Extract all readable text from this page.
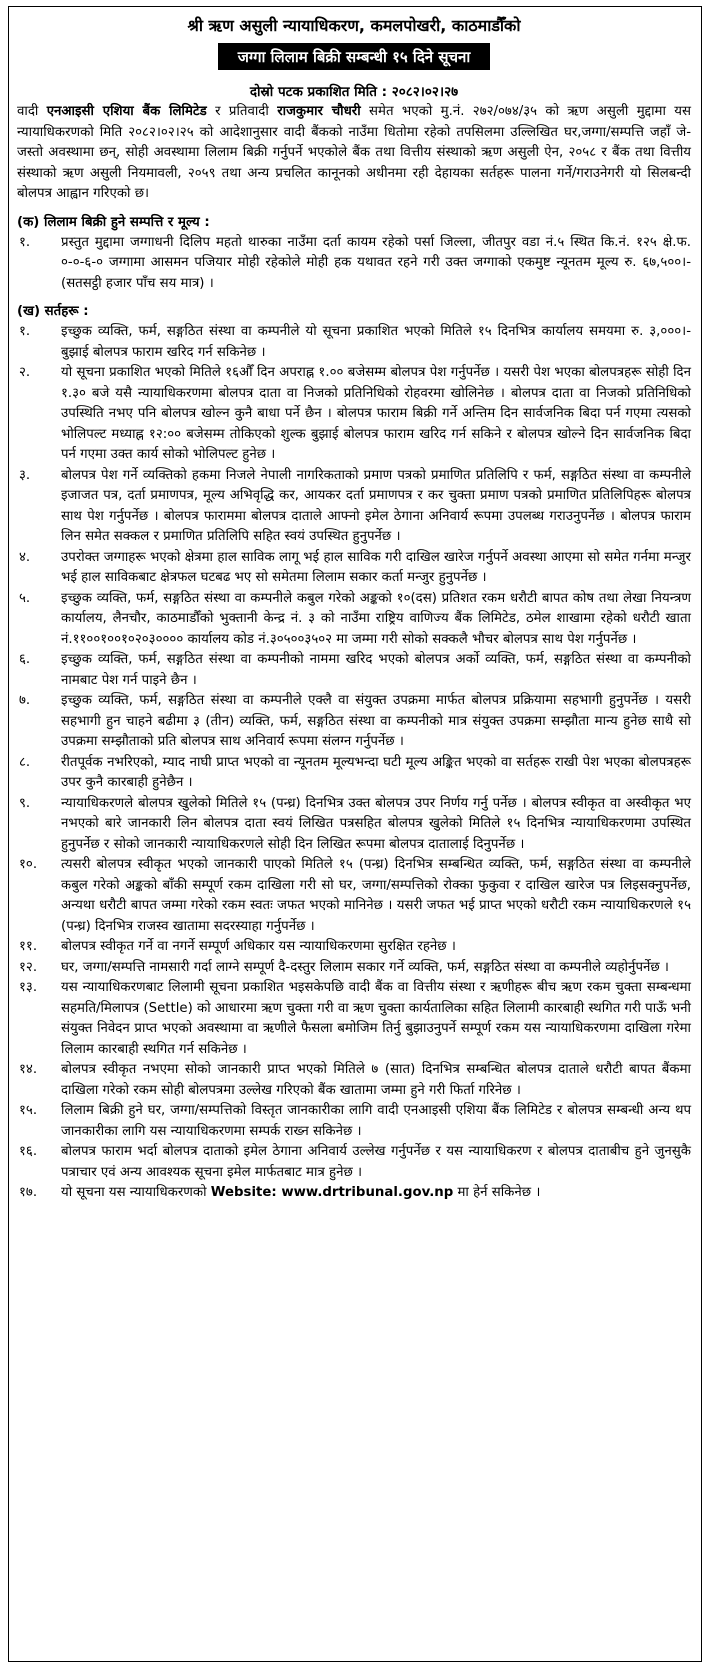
श्री ऋण असुली न्यायाधिकरण, कमलपोखरी, काठमाडौँको
जग्गा लिलाम बिक्री सम्बन्धी १५ दिने सूचना
दोस्रो पटक प्रकाशित मिति : २०८२।०२।२७
वादी एनआइसी एशिया बैंक लिमिटेड र प्रतिवादी राजकुमार चौधरी समेत भएको मु.नं. २७२/०७४/३५ को ऋण असुली मुद्दामा यस न्यायाधिकरणको मिति २०८२।०२।२५ को आदेशानुसार वादी बैंकको नाउँमा धितोमा रहेको तपसिलमा उल्लिखित घर,जग्गा/सम्पत्ति जहाँ जे-जस्तो अवस्थामा छन्, सोही अवस्थामा लिलाम बिक्री गर्नुपर्ने भएकोले बैंक तथा वित्तीय संस्थाको ऋण असुली ऐन, २०५८ र बैंक तथा वित्तीय संस्थाको ऋण असुली नियमावली, २०५९ तथा अन्य प्रचलित कानूनको अधीनमा रही देहायका सर्तहरू पालना गर्ने/गराउनेगरी यो सिलबन्दी बोलपत्र आह्वान गरिएको छ।
(क) लिलाम बिक्री हुने सम्पत्ति र मूल्य :
१.	प्रस्तुत मुद्दामा जग्गाधनी दिलिप महतो थारुका नाउँमा दर्ता कायम रहेको पर्सा जिल्ला, जीतपुर वडा नं.५ स्थित कि.नं. १२५ क्षे.फ. ०-०-६-० जग्गामा आसमन पजियार मोही रहेकोले मोही हक यथावत रहने गरी उक्त जग्गाको एकमुष्ट न्यूनतम मूल्य रु. ६७,५००।- (सतसट्ठी हजार पाँच सय मात्र) ।
(ख) सर्तहरू :
१.	इच्छुक व्यक्ति, फर्म, सङ्गठित संस्था वा कम्पनीले यो सूचना प्रकाशित भएको मितिले १५ दिनभित्र कार्यालय समयमा रु. ३,०००।- बुझाई बोलपत्र फाराम खरिद गर्न सकिनेछ ।
२.	यो सूचना प्रकाशित भएको मितिले १६औँ दिन अपराह्न १.०० बजेसम्म बोलपत्र पेश गर्नुपर्नेछ । यसरी पेश भएका बोलपत्रहरू सोही दिन १.३० बजे यसै न्यायाधिकरणमा बोलपत्र दाता वा निजको प्रतिनिधिको रोहवरमा खोलिनेछ । बोलपत्र दाता वा निजको प्रतिनिधिको उपस्थिति नभए पनि बोलपत्र खोल्न कुनै बाधा पर्ने छैन । बोलपत्र फाराम बिक्री गर्ने अन्तिम दिन सार्वजनिक बिदा पर्न गएमा त्यसको भोलिपल्ट मध्याह्न १२:०० बजेसम्म तोकिएको शुल्क बुझाई बोलपत्र फाराम खरिद गर्न सकिने र बोलपत्र खोल्ने दिन सार्वजनिक बिदा पर्न गएमा उक्त कार्य सोको भोलिपल्ट हुनेछ ।
३.	बोलपत्र पेश गर्ने व्यक्तिको हकमा निजले नेपाली नागरिकताको प्रमाण पत्रको प्रमाणित प्रतिलिपि र फर्म, सङ्गठित संस्था वा कम्पनीले इजाजत पत्र, दर्ता प्रमाणपत्र, मूल्य अभिवृद्धि कर, आयकर दर्ता प्रमाणपत्र र कर चुक्ता प्रमाण पत्रको प्रमाणित प्रतिलिपिहरू बोलपत्र साथ पेश गर्नुपर्नेछ । बोलपत्र फाराममा बोलपत्र दाताले आफ्नो इमेल ठेगाना अनिवार्य रूपमा उपलब्ध गराउनुपर्नेछ । बोलपत्र फाराम लिन समेत सक्कल र प्रमाणित प्रतिलिपि सहित स्वयं उपस्थित हुनुपर्नेछ ।
४.	उपरोक्त जग्गाहरू भएको क्षेत्रमा हाल साविक लागू भई हाल साविक गरी दाखिल खारेज गर्नुपर्ने अवस्था आएमा सो समेत गर्नमा मन्जुर भई हाल साविकबाट क्षेत्रफल घटबढ भए सो समेतमा लिलाम सकार कर्ता मन्जुर हुनुपर्नेछ ।
५.	इच्छुक व्यक्ति, फर्म, सङ्गठित संस्था वा कम्पनीले कबुल गरेको अङ्कको १०(दस) प्रतिशत रकम धरौटी बापत कोष तथा लेखा नियन्त्रण कार्यालय, लैनचौर, काठमाडौँको भुक्तानी केन्द्र नं. ३ को नाउँमा राष्ट्रिय वाणिज्य बैंक लिमिटेड, ठमेल शाखामा रहेको धरौटी खाता नं.११००१००१०२०३०००० कार्यालय कोड नं.३०५००३५०२ मा जम्मा गरी सोको सक्कलै भौचर बोलपत्र साथ पेश गर्नुपर्नेछ ।
६.	इच्छुक व्यक्ति, फर्म, सङ्गठित संस्था वा कम्पनीको नाममा खरिद भएको बोलपत्र अर्को व्यक्ति, फर्म, सङ्गठित संस्था वा कम्पनीको नामबाट पेश गर्न पाइने छैन ।
७.	इच्छुक व्यक्ति, फर्म, सङ्गठित संस्था वा कम्पनीले एक्लै वा संयुक्त उपक्रमा मार्फत बोलपत्र प्रक्रियामा सहभागी हुनुपर्नेछ । यसरी सहभागी हुन चाहने बढीमा ३ (तीन) व्यक्ति, फर्म, सङ्गठित संस्था वा कम्पनीको मात्र संयुक्त उपक्रमा सम्झौता मान्य हुनेछ साथै सो उपक्रमा सम्झौताको प्रति बोलपत्र साथ अनिवार्य रूपमा संलग्न गर्नुपर्नेछ ।
८.	रीतपूर्वक नभरिएको, म्याद नाघी प्राप्त भएको वा न्यूनतम मूल्यभन्दा घटी मूल्य अङ्कित भएको वा सर्तहरू राखी पेश भएका बोलपत्रहरू उपर कुनै कारबाही हुनेछैन ।
९.	न्यायाधिकरणले बोलपत्र खुलेको मितिले १५ (पन्ध्र) दिनभित्र उक्त बोलपत्र उपर निर्णय गर्नु पर्नेछ । बोलपत्र स्वीकृत वा अस्वीकृत भए नभएको बारे जानकारी लिन बोलपत्र दाता स्वयं लिखित पत्रसहित बोलपत्र खुलेको मितिले १५ दिनभित्र न्यायाधिकरणमा उपस्थित हुनुपर्नेछ र सोको जानकारी न्यायाधिकरणले सोही दिन लिखित रूपमा बोलपत्र दातालाई दिनुपर्नेछ ।
१०.	त्यसरी बोलपत्र स्वीकृत भएको जानकारी पाएको मितिले १५ (पन्ध्र) दिनभित्र सम्बन्धित व्यक्ति, फर्म, सङ्गठित संस्था वा कम्पनीले कबुल गरेको अङ्कको बाँकी सम्पूर्ण रकम दाखिला गरी सो घर, जग्गा/सम्पत्तिको रोक्का फुकुवा र दाखिल खारेज पत्र लिइसक्नुपर्नेछ, अन्यथा धरौटी बापत जम्मा गरेको रकम स्वतः जफत भएको मानिनेछ । यसरी जफत भई प्राप्त भएको धरौटी रकम न्यायाधिकरणले १५ (पन्ध्र) दिनभित्र राजस्व खातामा सदरस्याहा गर्नुपर्नेछ ।
११.	बोलपत्र स्वीकृत गर्ने वा नगर्ने सम्पूर्ण अधिकार यस न्यायाधिकरणमा सुरक्षित रहनेछ ।
१२.	घर, जग्गा/सम्पत्ति नामसारी गर्दा लाग्ने सम्पूर्ण दै-दस्तुर लिलाम सकार गर्ने व्यक्ति, फर्म, सङ्गठित संस्था वा कम्पनीले व्यहोर्नुपर्नेछ ।
१३.	यस न्यायाधिकरणबाट लिलामी सूचना प्रकाशित भइसकेपछि वादी बैंक वा वित्तीय संस्था र ऋणीहरू बीच ऋण रकम चुक्ता सम्बन्धमा सहमति/मिलापत्र (Settle) को आधारमा ऋण चुक्ता गरी वा ऋण चुक्ता कार्यतालिका सहित लिलामी कारबाही स्थगित गरी पाऊँ भनी संयुक्त निवेदन प्राप्त भएको अवस्थामा वा ऋणीले फैसला बमोजिम तिर्नु बुझाउनुपर्ने सम्पूर्ण रकम यस न्यायाधिकरणमा दाखिला गरेमा लिलाम कारबाही स्थगित गर्न सकिनेछ ।
१४.	बोलपत्र स्वीकृत नभएमा सोको जानकारी प्राप्त भएको मितिले ७ (सात) दिनभित्र सम्बन्धित बोलपत्र दाताले धरौटी बापत बैंकमा दाखिला गरेको रकम सोही बोलपत्रमा उल्लेख गरिएको बैंक खातामा जम्मा हुने गरी फिर्ता गरिनेछ ।
१५.	लिलाम बिक्री हुने घर, जग्गा/सम्पत्तिको विस्तृत जानकारीका लागि वादी एनआइसी एशिया बैंक लिमिटेड र बोलपत्र सम्बन्धी अन्य थप जानकारीका लागि यस न्यायाधिकरणमा सम्पर्क राख्न सकिनेछ ।
१६.	बोलपत्र फाराम भर्दा बोलपत्र दाताको इमेल ठेगाना अनिवार्य उल्लेख गर्नुपर्नेछ र यस न्यायाधिकरण र बोलपत्र दाताबीच हुने जुनसुकै पत्राचार एवं अन्य आवश्यक सूचना इमेल मार्फतबाट मात्र हुनेछ ।
१७.	यो सूचना यस न्यायाधिकरणको Website: www.drtribunal.gov.np मा हेर्न सकिनेछ ।
